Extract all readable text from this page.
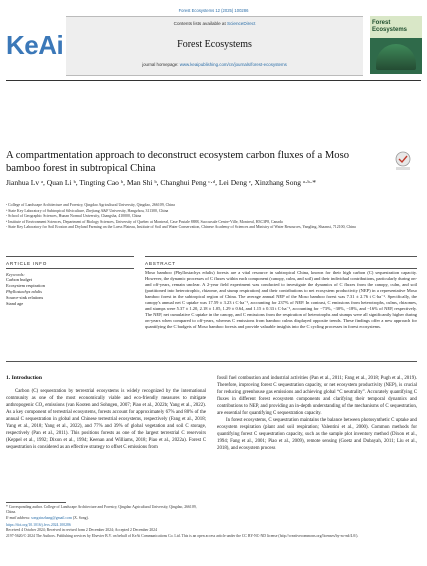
Forest Ecosystems 12 (2025) 100286
KeAi
Contents lists available at ScienceDirect
Forest Ecosystems
journal homepage: www.keaipublishing.com/cn/journals/forest-ecosystems
Forest Ecosystems
A compartmentation approach to deconstruct ecosystem carbon fluxes of a Moso bamboo forest in subtropical China
Jianhua Lv ᵃ, Quan Li ᵇ, Tingting Cao ᵇ, Man Shi ᵇ, Changhui Peng ᶜ·ᵈ, Lei Deng ᵉ, Xinzhang Song ᵃ·ᵇ·*

ᵃ College of Landscape Architecture and Forestry, Qingdao Agricultural University, Qingdao, 266109, China

ᵇ State Key Laboratory of Subtropical Silviculture, Zhejiang A&F University, Hangzhou, 311300, China

ᶜ School of Geographic Sciences, Hunan Normal University, Changsha, 410000, China

ᵈ Institute of Environment Sciences, Department of Biology Sciences, University of Quebec at Montreal, Case Postale 8888, Succursale Centre-Ville, Montreal, H3C3P8, Canada

ᵉ State Key Laboratory for Soil Erosion and Dryland Farming on the Loess Plateau, Institute of Soil and Water Conservation, Chinese Academy of Sciences and Ministry of Water Resources, Yangling, Shaanxi, 712100, China

ARTICLE INFO	ABSTRACT
Keywords:
Carbon budget
Ecosystem respiration
Phyllostachys edulis
Source-sink relations
Stand age
Moso bamboo (Phyllostachys edulis) forests are a vital resource in subtropical China, known for their high carbon (C) sequestration capacity. However, the dynamic processes of C fluxes within each component (canopy, culm, and soil) and their individual contributions, particularly during on- and off-years, remain unclear. A 2-year field experiment was conducted to investigate the dynamics of C fluxes from the canopy, culm, and soil (partitioned into heterotrophic, rhizome, and stump respiration) and their contributions to net ecosystem productivity (NEP) in a representative Moso bamboo forest in the subtropical region of China. The average annual NEP of the Moso bamboo forest was 7.31 ± 2.76 t C·ha⁻¹. Specifically, the canopy's annual net C uptake was 17.59 ± 3.23 t C·ha⁻¹, accounting for 237% of NEP. In contrast, C emissions from heterotrophs, culms, rhizomes, and stumps were 5.37 ± 1.20, 2.18 ± 1.05, 1.29 ± 0.64, and 1.15 ± 0.33 t C·ha⁻¹, accounting for −73%, −30%, −18%, and −16% of NEP, respectively. The NEP, net cumulative C uptake in the canopy, and C emissions from the respiration of heterotrophs and stumps were all significantly higher during on-years when compared to off-years, whereas C emissions from bamboo culms displayed opposite trends. These findings offer a new approach for quantifying the C budgets of Moso bamboo forests and provide valuable insights into the C cycling processes in forest ecosystems.
1. Introduction

Carbon (C) sequestration by terrestrial ecosystems is widely recognized by the international community as one of the most economically viable and eco-friendly measures to mitigate anthropogenic CO₂ emissions (van Kooten and Sohngen, 2007; Piao et al., 2022b; Yang et al., 2022). As a key component of terrestrial ecosystems, forests account for approximately 67% and 80% of the annual C sequestration in global and Chinese terrestrial ecosystems, respectively (Fang et al., 2018; Yang et al., 2018; Yang et al., 2022), and 77% and 39% of global vegetation and soil C storage, respectively (Pan et al., 2011). This positions forests as one of the largest terrestrial C reservoirs (Keppel et al., 1992; Dixon et al., 1994; Keenan and Williams, 2018; Piao et al., 2022a). Forest C sequestration is considered as an effective strategy to offset C emissions from

fossil fuel combustion and industrial activities (Pan et al., 2011; Fang et al., 2018; Pugh et al., 2019). Therefore, improving forest C sequestration capacity, or net ecosystem productivity (NEP), is crucial for reducing greenhouse gas emissions and achieving global “C neutrality”. Accurately quantifying C fluxes in different forest ecosystem components and clarifying their temporal dynamics and contributions to NEP, and providing an in-depth understanding of the mechanisms of C sequestration, are essential for quantifying C sequestration capacity.

In forest ecosystems, C sequestration maintains the balance between photosynthetic C uptake and ecosystem respiration (plant and soil respiration; Valentini et al., 2000). Common methods for quantifying forest C sequestration capacity, such as the sample plot inventory method (Dixon et al., 1994; Fang et al., 2001; Piao et al., 2009), remote sensing (Goetz and Dubayah, 2011; Liu et al., 2018), and ecosystem process

* Corresponding author. College of Landscape Architecture and Forestry, Qingdao Agricultural University, Qingdao, 266109, China.
E-mail address: songxinzhang@gmail.com (X. Song).
https://doi.org/10.1016/j.fecs.2024.100286
Received 4 October 2024; Received in revised form 2 December 2024; Accepted 2 December 2024
2197-5620/© 2024 The Authors. Publishing services by Elsevier B.V. on behalf of KeAi Communications Co. Ltd. This is an open access article under the CC BY-NC-ND license (http://creativecommons.org/licenses/by-nc-nd/4.0/).
